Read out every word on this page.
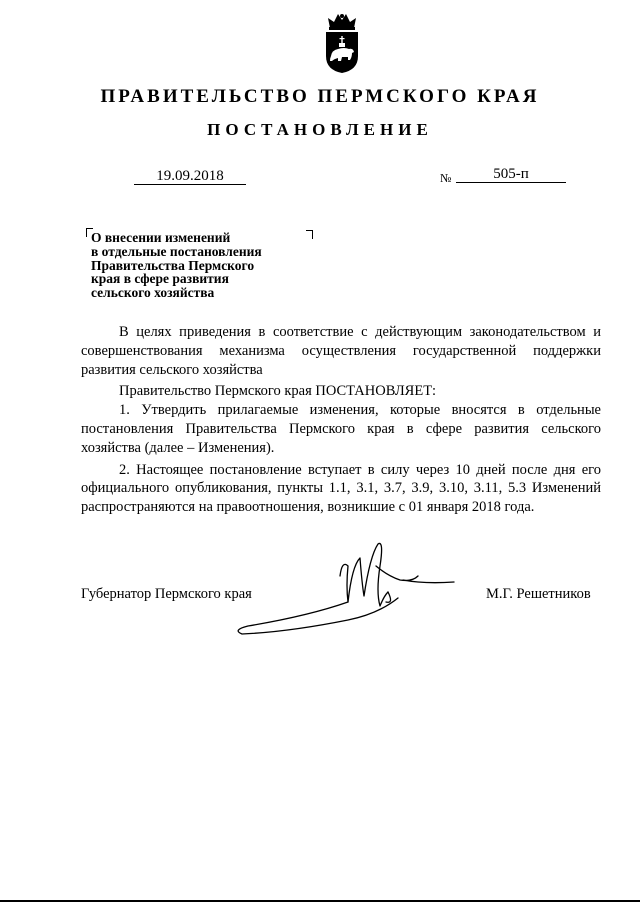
ПРАВИТЕЛЬСТВО ПЕРМСКОГО КРАЯ
ПОСТАНОВЛЕНИЕ
19.09.2018	№	505-п
О внесении изменений
в отдельные постановления
Правительства Пермского
края в сфере развития
сельского хозяйства

В целях приведения в соответствие с действующим законодательством и совершенствования механизма осуществления государственной поддержки развития сельского хозяйства

Правительство Пермского края ПОСТАНОВЛЯЕТ:

1. Утвердить прилагаемые изменения, которые вносятся в отдельные постановления Правительства Пермского края в сфере развития сельского хозяйства (далее – Изменения).

2. Настоящее постановление вступает в силу через 10 дней после дня его официального опубликования, пункты 1.1, 3.1, 3.7, 3.9, 3.10, 3.11, 5.3 Изменений распространяются на правоотношения, возникшие с 01 января 2018 года.

Губернатор Пермского края	М.Г. Решетников
